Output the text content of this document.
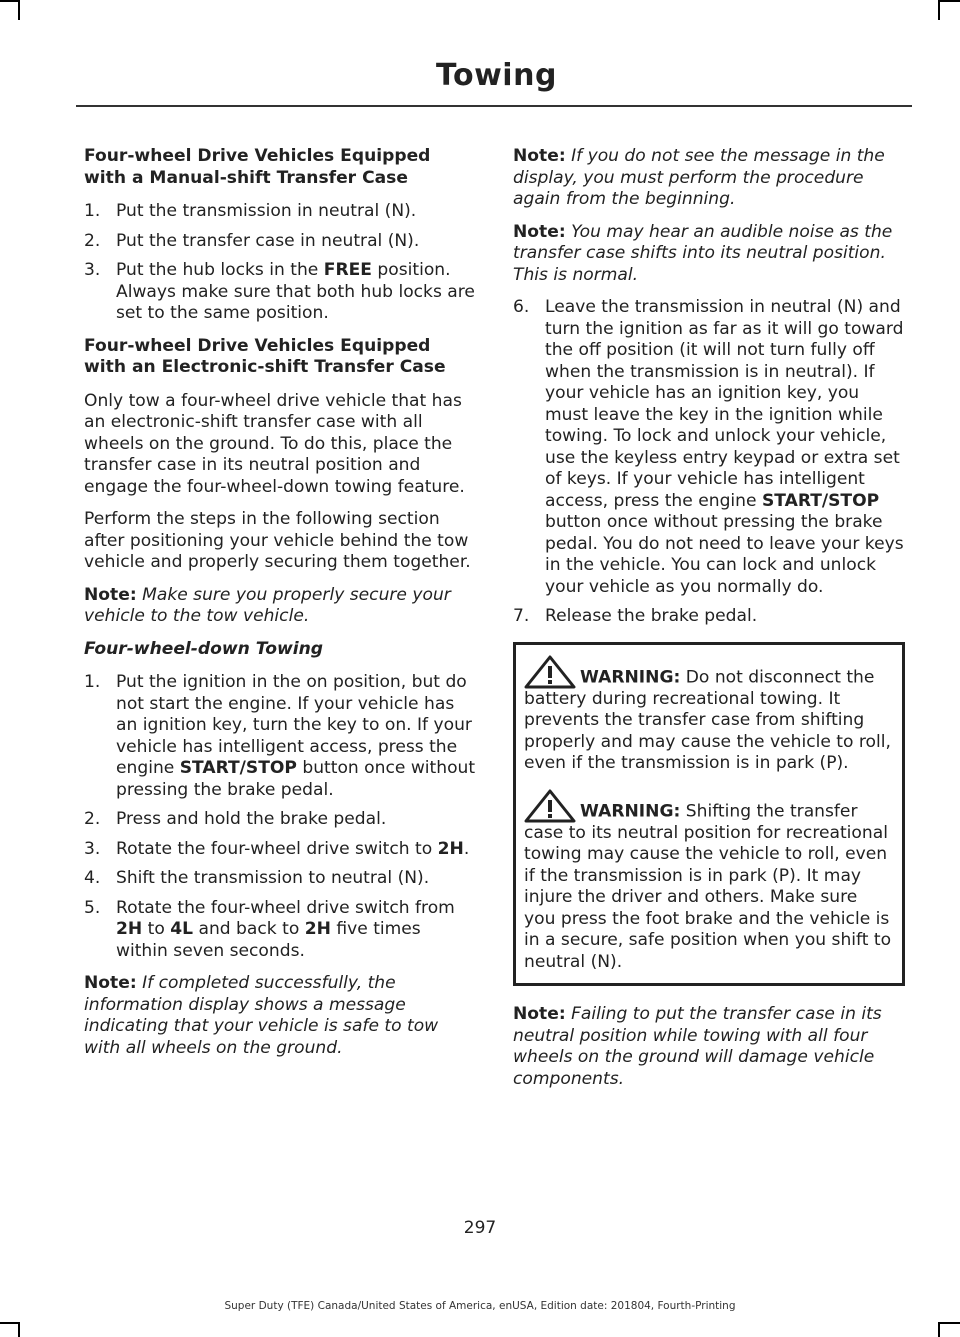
Towing

Four-wheel Drive Vehicles Equipped with a Manual-shift Transfer Case

1. Put the transmission in neutral (N).
2. Put the transfer case in neutral (N).
3. Put the hub locks in the FREE position. Always make sure that both hub locks are set to the same position.

Four-wheel Drive Vehicles Equipped with an Electronic-shift Transfer Case

Only tow a four-wheel drive vehicle that has an electronic-shift transfer case with all wheels on the ground. To do this, place the transfer case in its neutral position and engage the four-wheel-down towing feature.

Perform the steps in the following section after positioning your vehicle behind the tow vehicle and properly securing them together.

Note: Make sure you properly secure your vehicle to the tow vehicle.

Four-wheel-down Towing

1. Put the ignition in the on position, but do not start the engine. If your vehicle has an ignition key, turn the key to on. If your vehicle has intelligent access, press the engine START/STOP button once without pressing the brake pedal.
2. Press and hold the brake pedal.
3. Rotate the four-wheel drive switch to 2H.
4. Shift the transmission to neutral (N).
5. Rotate the four-wheel drive switch from 2H to 4L and back to 2H five times within seven seconds.

Note: If completed successfully, the information display shows a message indicating that your vehicle is safe to tow with all wheels on the ground.

Note: If you do not see the message in the display, you must perform the procedure again from the beginning.

Note: You may hear an audible noise as the transfer case shifts into its neutral position. This is normal.

6. Leave the transmission in neutral (N) and turn the ignition as far as it will go toward the off position (it will not turn fully off when the transmission is in neutral). If your vehicle has an ignition key, you must leave the key in the ignition while towing. To lock and unlock your vehicle, use the keyless entry keypad or extra set of keys. If your vehicle has intelligent access, press the engine START/STOP button once without pressing the brake pedal. You do not need to leave your keys in the vehicle. You can lock and unlock your vehicle as you normally do.
7. Release the brake pedal.

WARNING: Do not disconnect the battery during recreational towing. It prevents the transfer case from shifting properly and may cause the vehicle to roll, even if the transmission is in park (P).

WARNING: Shifting the transfer case to its neutral position for recreational towing may cause the vehicle to roll, even if the transmission is in park (P). It may injure the driver and others. Make sure you press the foot brake and the vehicle is in a secure, safe position when you shift to neutral (N).

Note: Failing to put the transfer case in its neutral position while towing with all four wheels on the ground will damage vehicle components.

297
Super Duty (TFE) Canada/United States of America, enUSA, Edition date: 201804, Fourth-Printing
